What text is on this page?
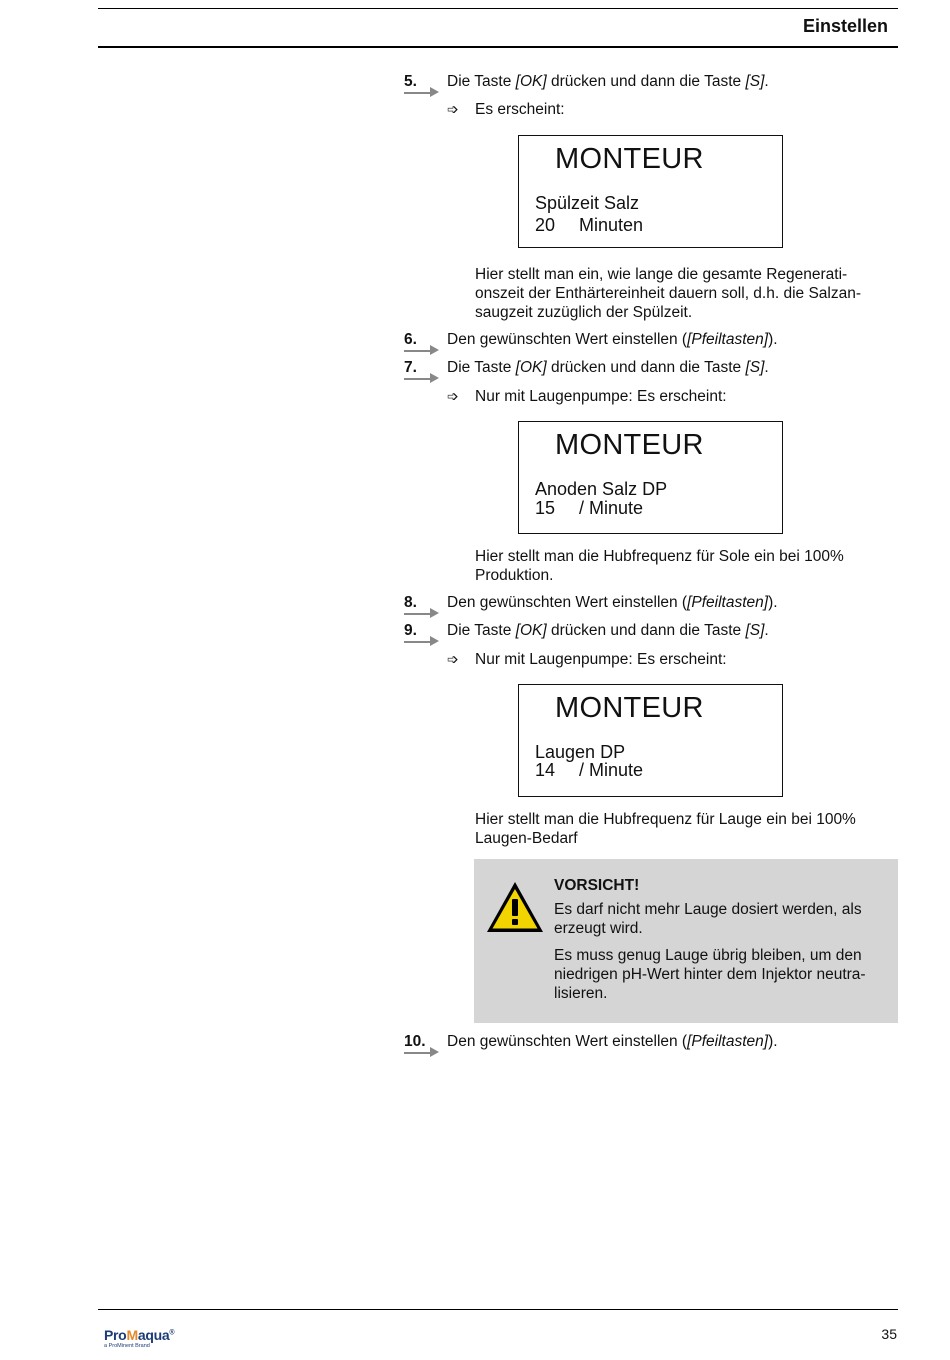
Einstellen
5. Die Taste [OK] drücken und dann die Taste [S].
➩ Es erscheint:
MONTEUR
Spülzeit Salz
20 Minuten
Hier stellt man ein, wie lange die gesamte Regenerati-
onszeit der Enthärtereinheit dauern soll, d.h. die Salzan-
saugzeit zuzüglich der Spülzeit.
6. Den gewünschten Wert einstellen ([Pfeiltasten]).
7. Die Taste [OK] drücken und dann die Taste [S].
➩ Nur mit Laugenpumpe: Es erscheint:
MONTEUR
Anoden Salz DP
15 / Minute
Hier stellt man die Hubfrequenz für Sole ein bei 100%
Produktion.
8. Den gewünschten Wert einstellen ([Pfeiltasten]).
9. Die Taste [OK] drücken und dann die Taste [S].
➩ Nur mit Laugenpumpe: Es erscheint:
MONTEUR
Laugen DP
14 / Minute
Hier stellt man die Hubfrequenz für Lauge ein bei 100%
Laugen-Bedarf
VORSICHT!
Es darf nicht mehr Lauge dosiert werden, als
erzeugt wird.
Es muss genug Lauge übrig bleiben, um den
niedrigen pH-Wert hinter dem Injektor neutra-
lisieren.
10. Den gewünschten Wert einstellen ([Pfeiltasten]).
ProMaqua®
a ProMinent Brand
35
